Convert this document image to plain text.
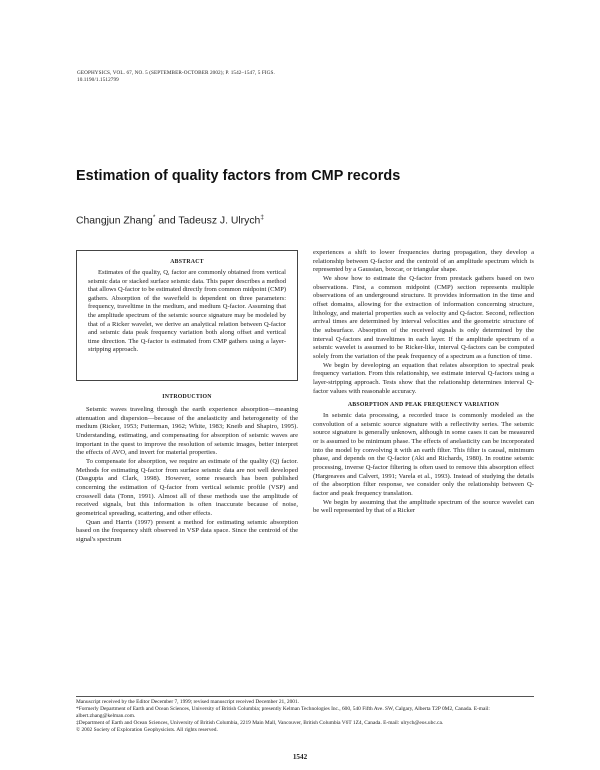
GEOPHYSICS, VOL. 67, NO. 5 (SEPTEMBER-OCTOBER 2002); P. 1542–1547, 5 FIGS.
10.1190/1.1512799
Estimation of quality factors from CMP records
Changjun Zhang* and Tadeusz J. Ulrych‡
ABSTRACT

Estimates of the quality, Q, factor are commonly obtained from vertical seismic data or stacked surface seismic data. This paper describes a method that allows Q-factor to be estimated directly from common midpoint (CMP) gathers. Absorption of the wavefield is dependent on three parameters: frequency, traveltime in the medium, and medium Q-factor. Assuming that the amplitude spectrum of the seismic source signature may be modeled by that of a Ricker wavelet, we derive an analytical relation between Q-factor and seismic data peak frequency variation both along offset and vertical time direction. The Q-factor is estimated from CMP gathers using a layer-stripping approach.

INTRODUCTION

Seismic waves traveling through the earth experience absorption—meaning attenuation and dispersion—because of the anelasticity and heterogeneity of the medium (Ricker, 1953; Futterman, 1962; White, 1983; Kneib and Shapiro, 1995). Understanding, estimating, and compensating for absorption of seismic waves are important in the quest to improve the resolution of seismic images, better interpret the effects of AVO, and invert for material properties.

To compensate for absorption, we require an estimate of the quality (Q) factor. Methods for estimating Q-factor from surface seismic data are not well developed (Dasgupta and Clark, 1998). However, some research has been published concerning the estimation of Q-factor from vertical seismic profile (VSP) and crosswell data (Tonn, 1991). Almost all of these methods use the amplitude of received signals, but this information is often inaccurate because of noise, geometrical spreading, scattering, and other effects.

Quan and Harris (1997) present a method for estimating seismic absorption based on the frequency shift observed in VSP data space. Since the centroid of the signal's spectrum

experiences a shift to lower frequencies during propagation, they develop a relationship between Q-factor and the centroid of an amplitude spectrum which is represented by a Gaussian, boxcar, or triangular shape.

We show how to estimate the Q-factor from prestack gathers based on two observations. First, a common midpoint (CMP) section represents multiple observations of an underground structure. It provides information in the time and offset domains, allowing for the extraction of information concerning structure, lithology, and material properties such as velocity and Q-factor. Second, reflection arrival times are determined by interval velocities and the geometric structure of the subsurface. Absorption of the received signals is only determined by the interval Q-factors and traveltimes in each layer. If the amplitude spectrum of a seismic wavelet is assumed to be Ricker-like, interval Q-factors can be computed solely from the variation of the peak frequency of a spectrum as a function of time.

We begin by developing an equation that relates absorption to spectral peak frequency variation. From this relationship, we estimate interval Q-factors using a layer-stripping approach. Tests show that the relationship determines interval Q-factor values with reasonable accuracy.

ABSORPTION AND PEAK FREQUENCY VARIATION

In seismic data processing, a recorded trace is commonly modeled as the convolution of a seismic source signature with a reflectivity series. The seismic source signature is generally unknown, although in some cases it can be measured or is assumed to be minimum phase. The effects of anelasticity can be incorporated into the model by convolving it with an earth filter. This filter is causal, minimum phase, and depends on the Q-factor (Aki and Richards, 1980). In routine seismic processing, inverse Q-factor filtering is often used to remove this absorption effect (Hargreaves and Calvert, 1991; Varela et al., 1993). Instead of studying the details of the absorption filter response, we consider only the relationship between Q-factor and peak frequency translation.

We begin by assuming that the amplitude spectrum of the source wavelet can be well represented by that of a Ricker

Manuscript received by the Editor December 7, 1999; revised manuscript received December 21, 2001.

*Formerly Department of Earth and Ocean Sciences, University of British Columbia; presently Kelman Technologies Inc., 600, 540 Fifth Ave. SW, Calgary, Alberta T2P 0M2, Canada. E-mail: albert.zhang@kelman.com.

‡Department of Earth and Ocean Sciences, University of British Columbia, 2219 Main Mall, Vancouver, British Columbia V6T 1Z4, Canada. E-mail: ulrych@eos.ubc.ca.

© 2002 Society of Exploration Geophysicists. All rights reserved.

1542
